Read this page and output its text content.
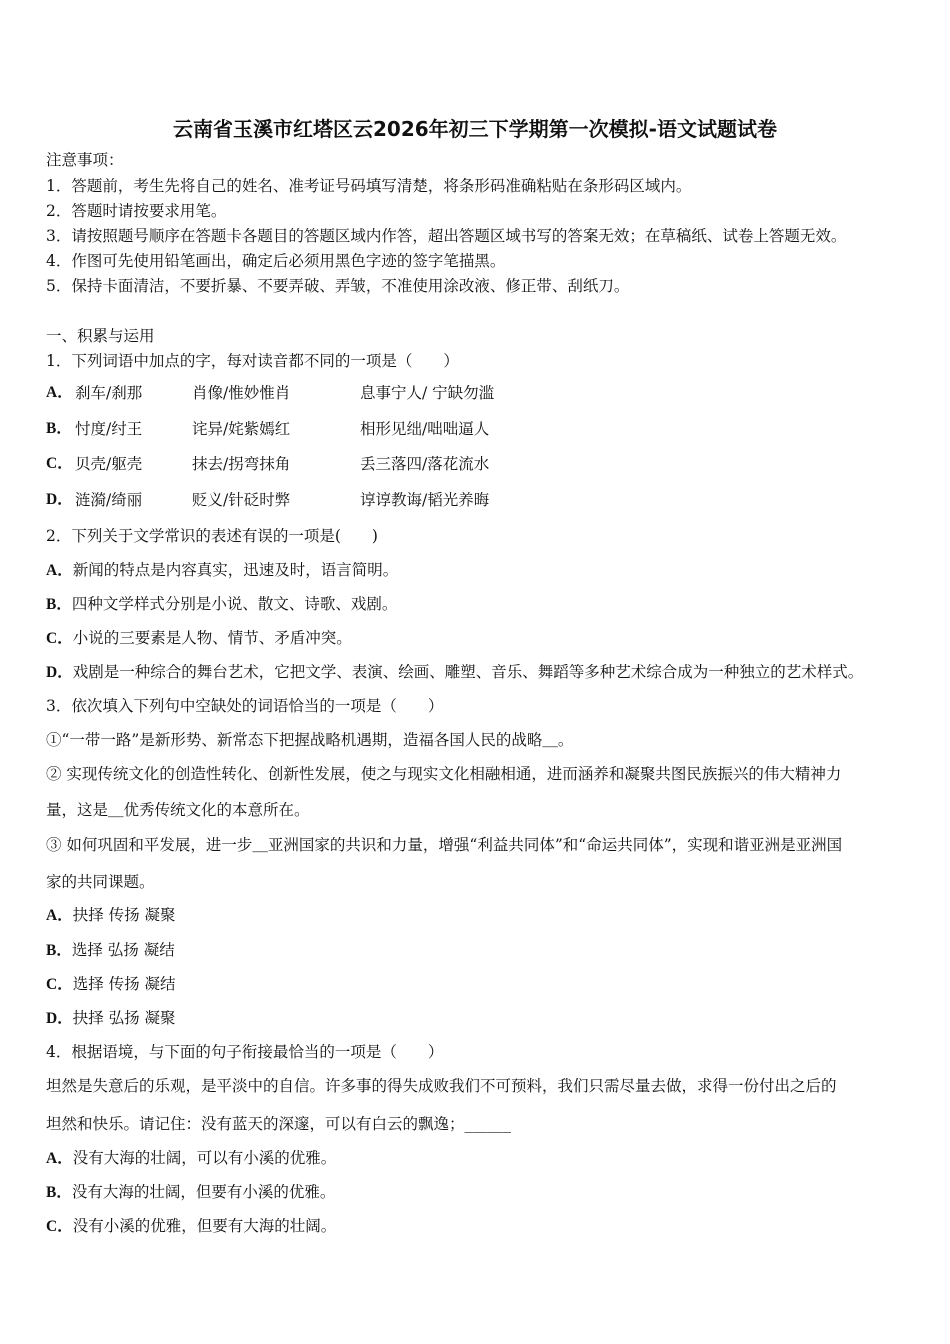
云南省玉溪市红塔区云2026年初三下学期第一次模拟-语文试题试卷
注意事项：
1．答题前，考生先将自己的姓名、准考证号码填写清楚，将条形码准确粘贴在条形码区域内。
2．答题时请按要求用笔。
3．请按照题号顺序在答题卡各题目的答题区域内作答，超出答题区域书写的答案无效；在草稿纸、试卷上答题无效。
4．作图可先使用铅笔画出，确定后必须用黑色字迹的签字笔描黑。
5．保持卡面清洁，不要折暴、不要弄破、弄皱，不准使用涂改液、修正带、刮纸刀。
一、积累与运用
1．下列词语中加点的字，每对读音都不同的一项是（　　）
A． 刹车/刹那	肖像/惟妙惟肖	息事宁人/ 宁缺勿滥
B． 忖度/纣王	诧异/姹紫嫣红	相形见绌/咄咄逼人
C． 贝壳/躯壳	抹去/拐弯抹角	丢三落四/落花流水
D． 涟漪/绮丽	贬义/针砭时弊	谆谆教诲/韬光养晦
2．下列关于文学常识的表述有误的一项是(　　)
A．新闻的特点是内容真实，迅速及时，语言简明。
B．四种文学样式分别是小说、散文、诗歌、戏剧。
C．小说的三要素是人物、情节、矛盾冲突。
D．戏剧是一种综合的舞台艺术，它把文学、表演、绘画、雕塑、音乐、舞蹈等多种艺术综合成为一种独立的艺术样式。
3．依次填入下列句中空缺处的词语恰当的一项是（　　）
①“一带一路”是新形势、新常态下把握战略机遇期，造福各国人民的战略＿。
② 实现传统文化的创造性转化、创新性发展，使之与现实文化相融相通，进而涵养和凝聚共图民族振兴的伟大精神力
量，这是＿优秀传统文化的本意所在。
③ 如何巩固和平发展，进一步＿亚洲国家的共识和力量，增强“利益共同体”和“命运共同体”，实现和谐亚洲是亚洲国
家的共同课题。
A．抉择 传扬 凝聚
B．选择 弘扬 凝结
C．选择 传扬 凝结
D．抉择 弘扬 凝聚
4．根据语境，与下面的句子衔接最恰当的一项是（　　）
坦然是失意后的乐观，是平淡中的自信。许多事的得失成败我们不可预料，我们只需尽量去做，求得一份付出之后的
坦然和快乐。请记住：没有蓝天的深邃，可以有白云的飘逸；______
A．没有大海的壮阔，可以有小溪的优雅。
B．没有大海的壮阔，但要有小溪的优雅。
C．没有小溪的优雅，但要有大海的壮阔。
